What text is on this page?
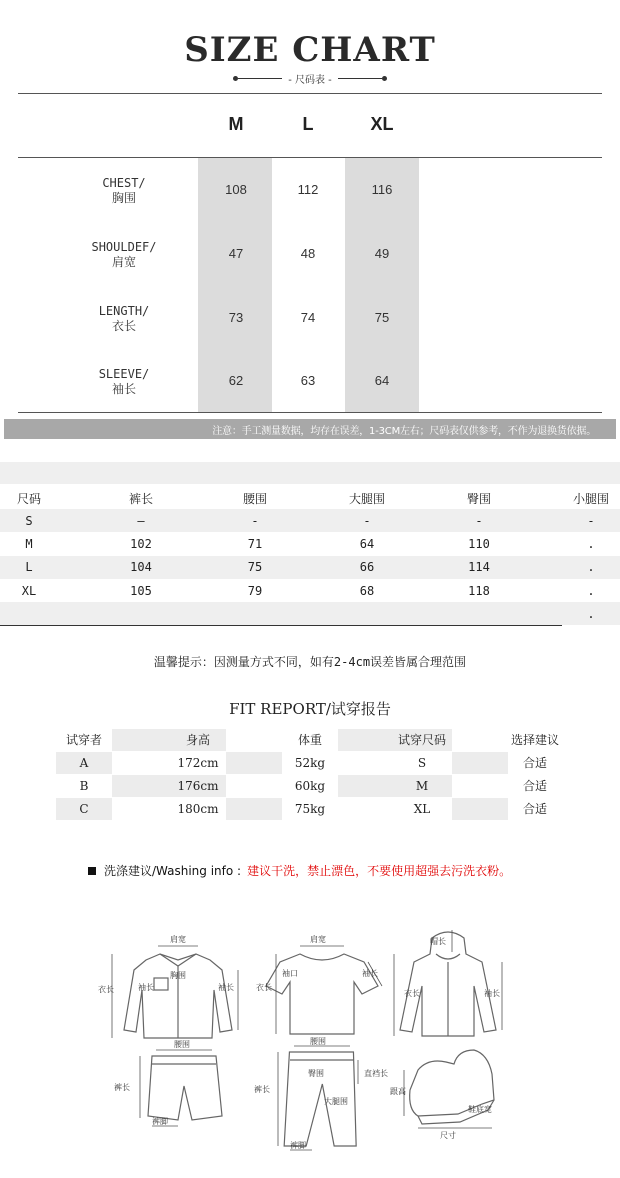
SIZE CHART
- 尺码表 -
M	L	XL
CHEST/
胸围
108	112	116
SHOULDEF/
肩宽
47	48	49
LENGTH/
衣长
73	74	75
SLEEVE/
袖长
62	63	64
注意：手工测量数据，均存在误差，1-3CM左右；尺码表仅供参考，不作为退换货依据。
尺码	裤长	腰围	大腿围	臀围	小腿围
S	—	-	-	-	-
M	102	71	64	110	.
L	104	75	66	114	.
XL	105	79	68	118	.
.
温馨提示：因测量方式不同，如有2-4cm误差皆属合理范围
FIT REPORT/试穿报告
试穿者	身高	体重	试穿尺码	选择建议
A	172cm	52kg	S	合适
B	176cm	60kg	M	合适
C	180cm	75kg	XL	合适
洗涤建议/Washing info : 建议干洗，禁止漂色，不要使用超强去污洗衣粉。
肩宽
胸围
衣长	袖长	袖长
肩宽
袖口
衣长
袖长
帽长
衣长	袖长
腰围
裤长
裤脚
腰围
臀围	直裆长
裤长
大腿围
裤脚
跟高
鞋底宽
尺寸
